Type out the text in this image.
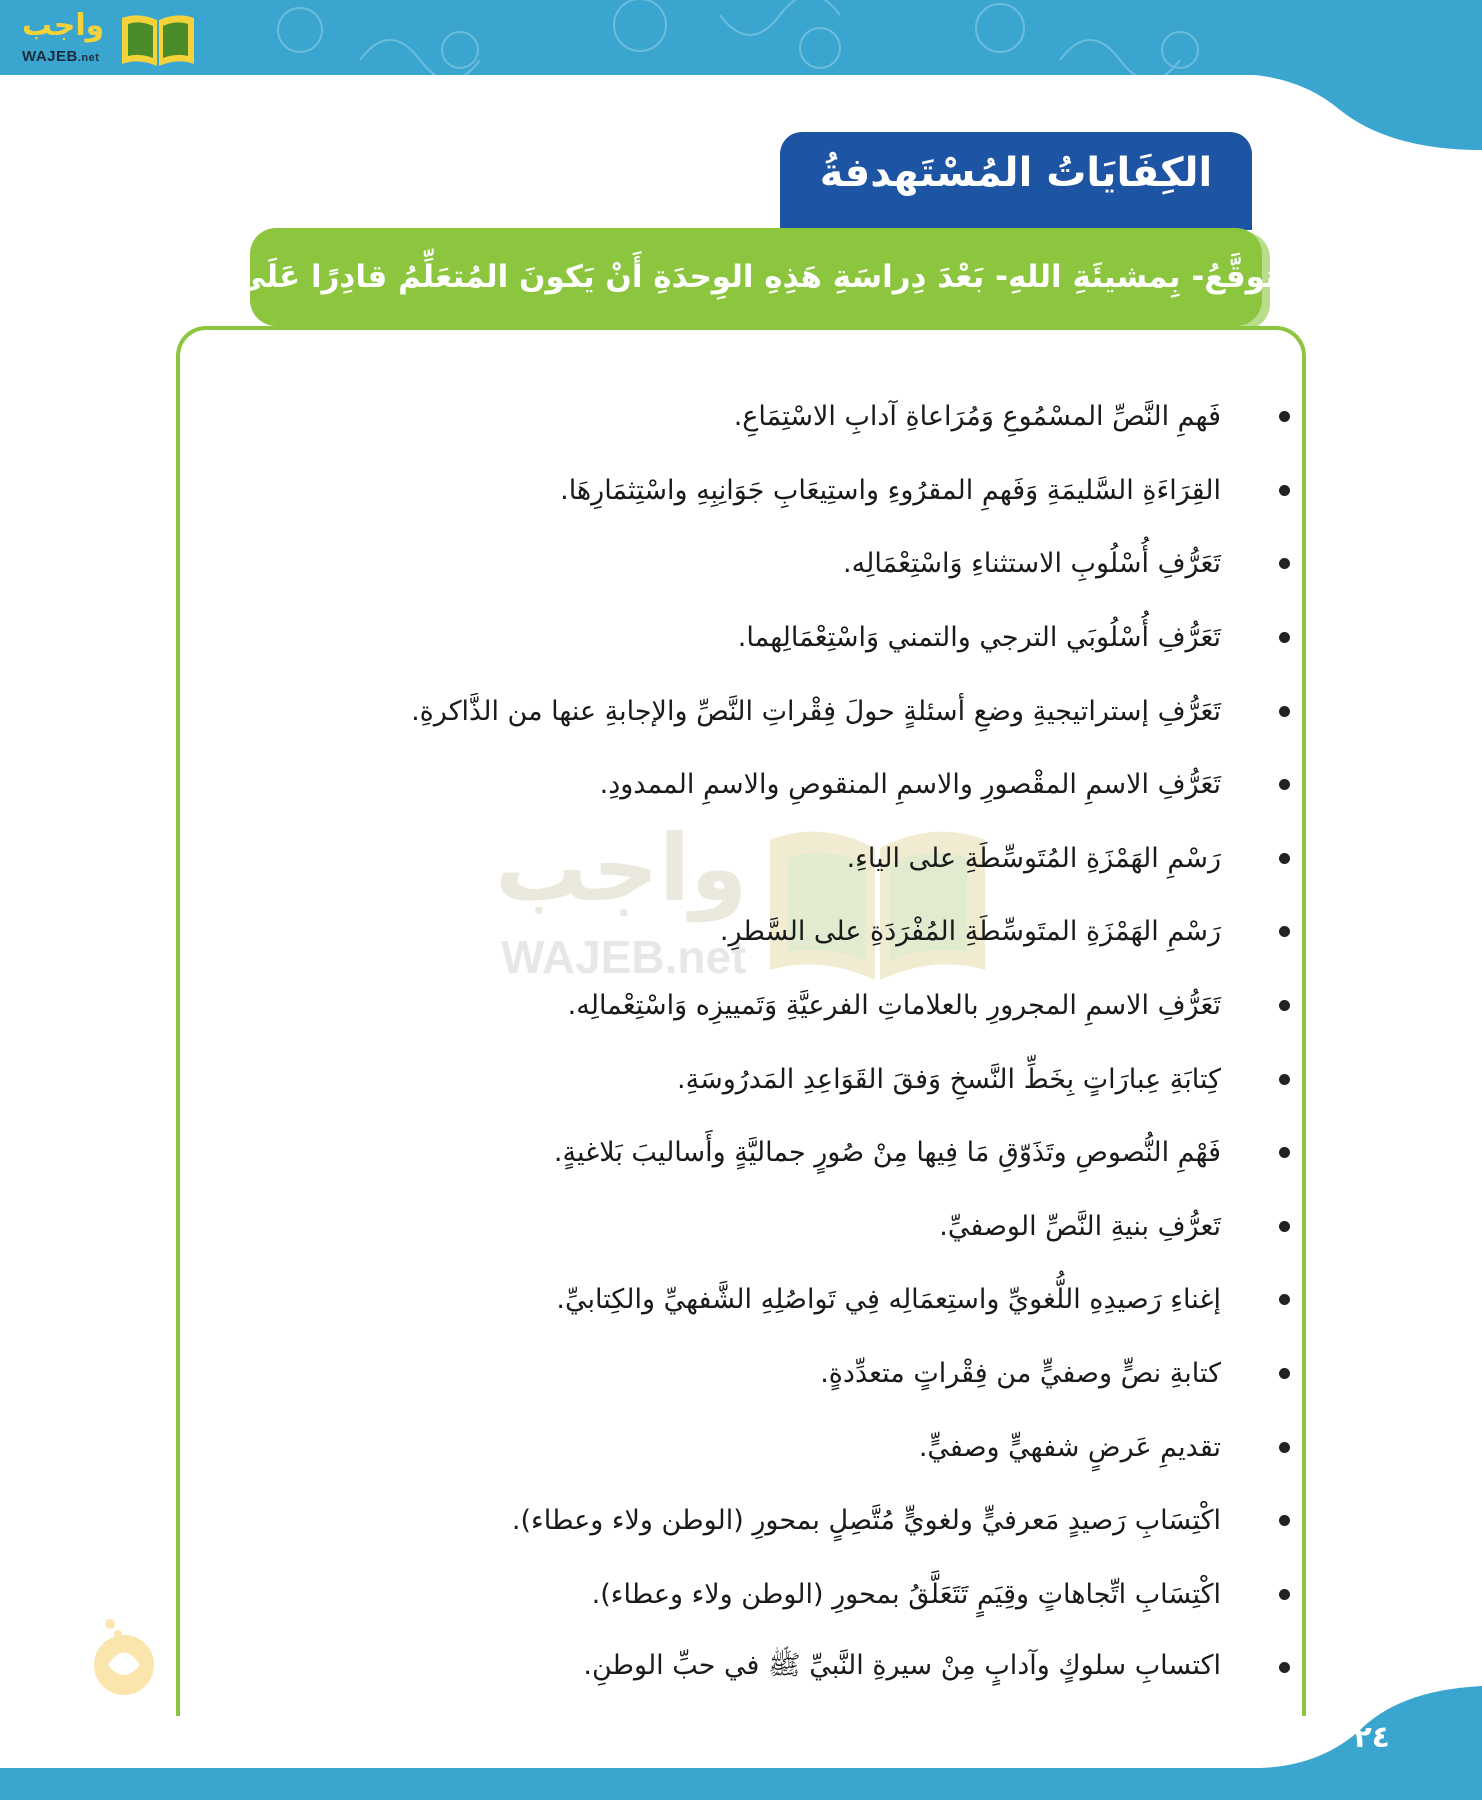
واجب
WAJEB.net
الكِفَايَاتُ المُسْتَهدفةُ
يُتوقَّعُ- بِمشيئَةِ اللهِ- بَعْدَ دِراسَةِ هَذِهِ الوِحدَةِ أَنْ يَكونَ المُتعَلِّمُ قادِرًا عَلَى:
واجب
WAJEB.net
فَهمِ النَّصِّ المسْمُوعِ وَمُرَاعاةِ آدابِ الاسْتِمَاعِ.
القِرَاءَةِ السَّليمَةِ وَفَهمِ المقرُوءِ واستِيعَابِ جَوَانِبِهِ واسْتِثمَارِهَا.
تَعَرُّفِ أُسْلُوبِ الاستثناءِ وَاسْتِعْمَالِه.
تَعَرُّفِ أُسْلُوبَي الترجي والتمني وَاسْتِعْمَالِهما.
تَعَرُّفِ إستراتيجيةِ وضعِ أسئلةٍ حولَ فِقْراتِ النَّصِّ والإجابةِ عنها من الذَّاكرةِ.
تَعَرُّفِ الاسمِ المقْصورِ والاسمِ المنقوصِ والاسمِ الممدودِ.
رَسْمِ الهَمْزَةِ المُتَوسِّطَةِ على الياءِ.
رَسْمِ الهَمْزَةِ المتَوسِّطَةِ المُفْرَدَةِ على السَّطرِ.
تَعَرُّفِ الاسمِ المجرورِ بالعلاماتِ الفرعيَّةِ وَتَمييزِه وَاسْتِعْمالِه.
كِتابَةِ عِبارَاتٍ بِخَطِّ النَّسخِ وَفقَ القَوَاعِدِ المَدرُوسَةِ.
فَهْمِ النُّصوصِ وتَذَوّقِ مَا فِيها مِنْ صُورٍ جماليَّةٍ وأَساليبَ بَلاغيةٍ.
تَعرُّفِ بنيةِ النَّصِّ الوصفيِّ.
إغناءِ رَصيدِهِ اللُّغويِّ واستِعمَالِه فِي تَواصُلِهِ الشَّفهيِّ والكِتابيِّ.
كتابةِ نصٍّ وصفيٍّ من فِقْراتٍ متعدِّدةٍ.
تقديمِ عَرضٍ شفهيٍّ وصفيٍّ.
اكْتِسَابِ رَصيدٍ مَعرفيٍّ ولغويٍّ مُتَّصِلٍ بمحورِ (الوطن ولاء وعطاء).
اكْتِسَابِ اتِّجاهاتٍ وقِيَمٍ تَتَعَلَّقُ بمحورِ (الوطن ولاء وعطاء).
اكتسابِ سلوكٍ وآدابٍ مِنْ سيرةِ النَّبيِّ ﷺ في حبِّ الوطنِ.
٢٤
